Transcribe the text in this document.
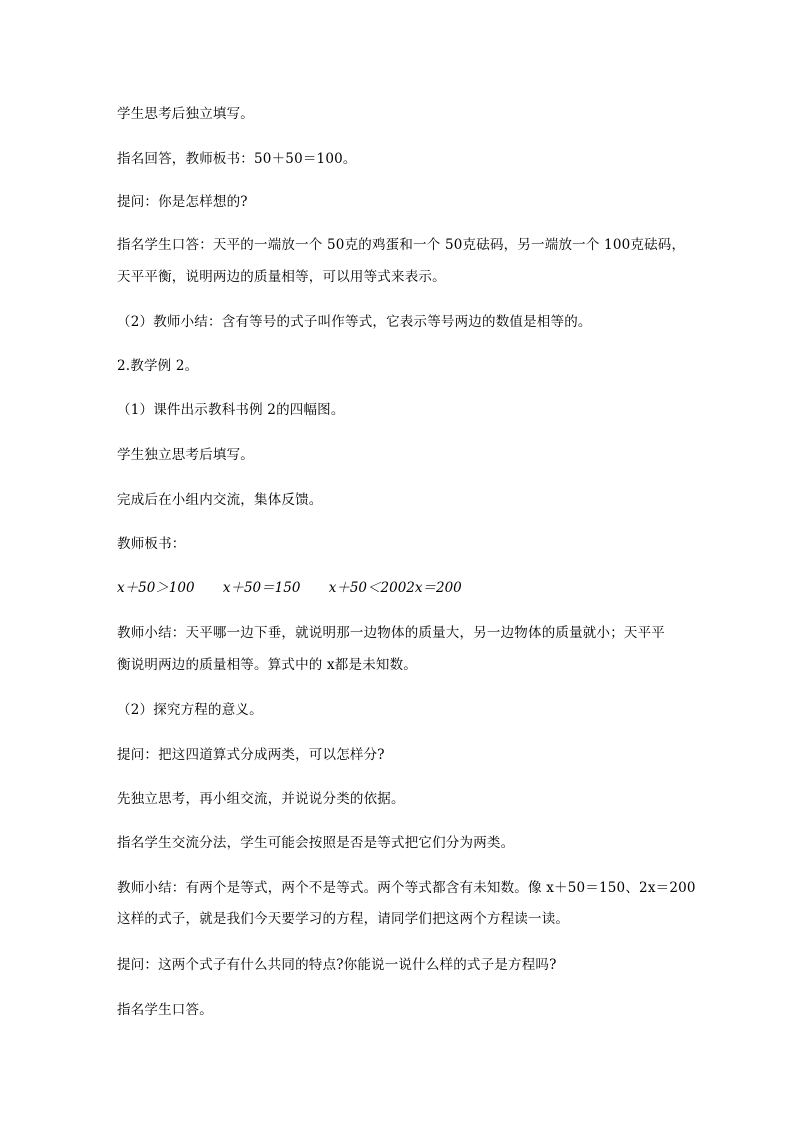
学生思考后独立填写。
指名回答，教师板书：50＋50＝100。
提问：你是怎样想的?
指名学生口答：天平的一端放一个 50克的鸡蛋和一个 50克砝码，另一端放一个 100克砝码，
天平平衡，说明两边的质量相等，可以用等式来表示。
（2）教师小结：含有等号的式子叫作等式，它表示等号两边的数值是相等的。
2.教学例 2。
（1）课件出示教科书例 2的四幅图。
学生独立思考后填写。
完成后在小组内交流，集体反馈。
教师板书：
x＋50＞100 x＋50＝150 x＋50＜2002x＝200
教师小结：天平哪一边下垂，就说明那一边物体的质量大，另一边物体的质量就小；天平平
衡说明两边的质量相等。算式中的 x都是未知数。
（2）探究方程的意义。
提问：把这四道算式分成两类，可以怎样分?
先独立思考，再小组交流，并说说分类的依据。
指名学生交流分法，学生可能会按照是否是等式把它们分为两类。
教师小结：有两个是等式，两个不是等式。两个等式都含有未知数。像 x＋50＝150、2x＝200
这样的式子，就是我们今天要学习的方程，请同学们把这两个方程读一读。
提问：这两个式子有什么共同的特点?你能说一说什么样的式子是方程吗?
指名学生口答。
